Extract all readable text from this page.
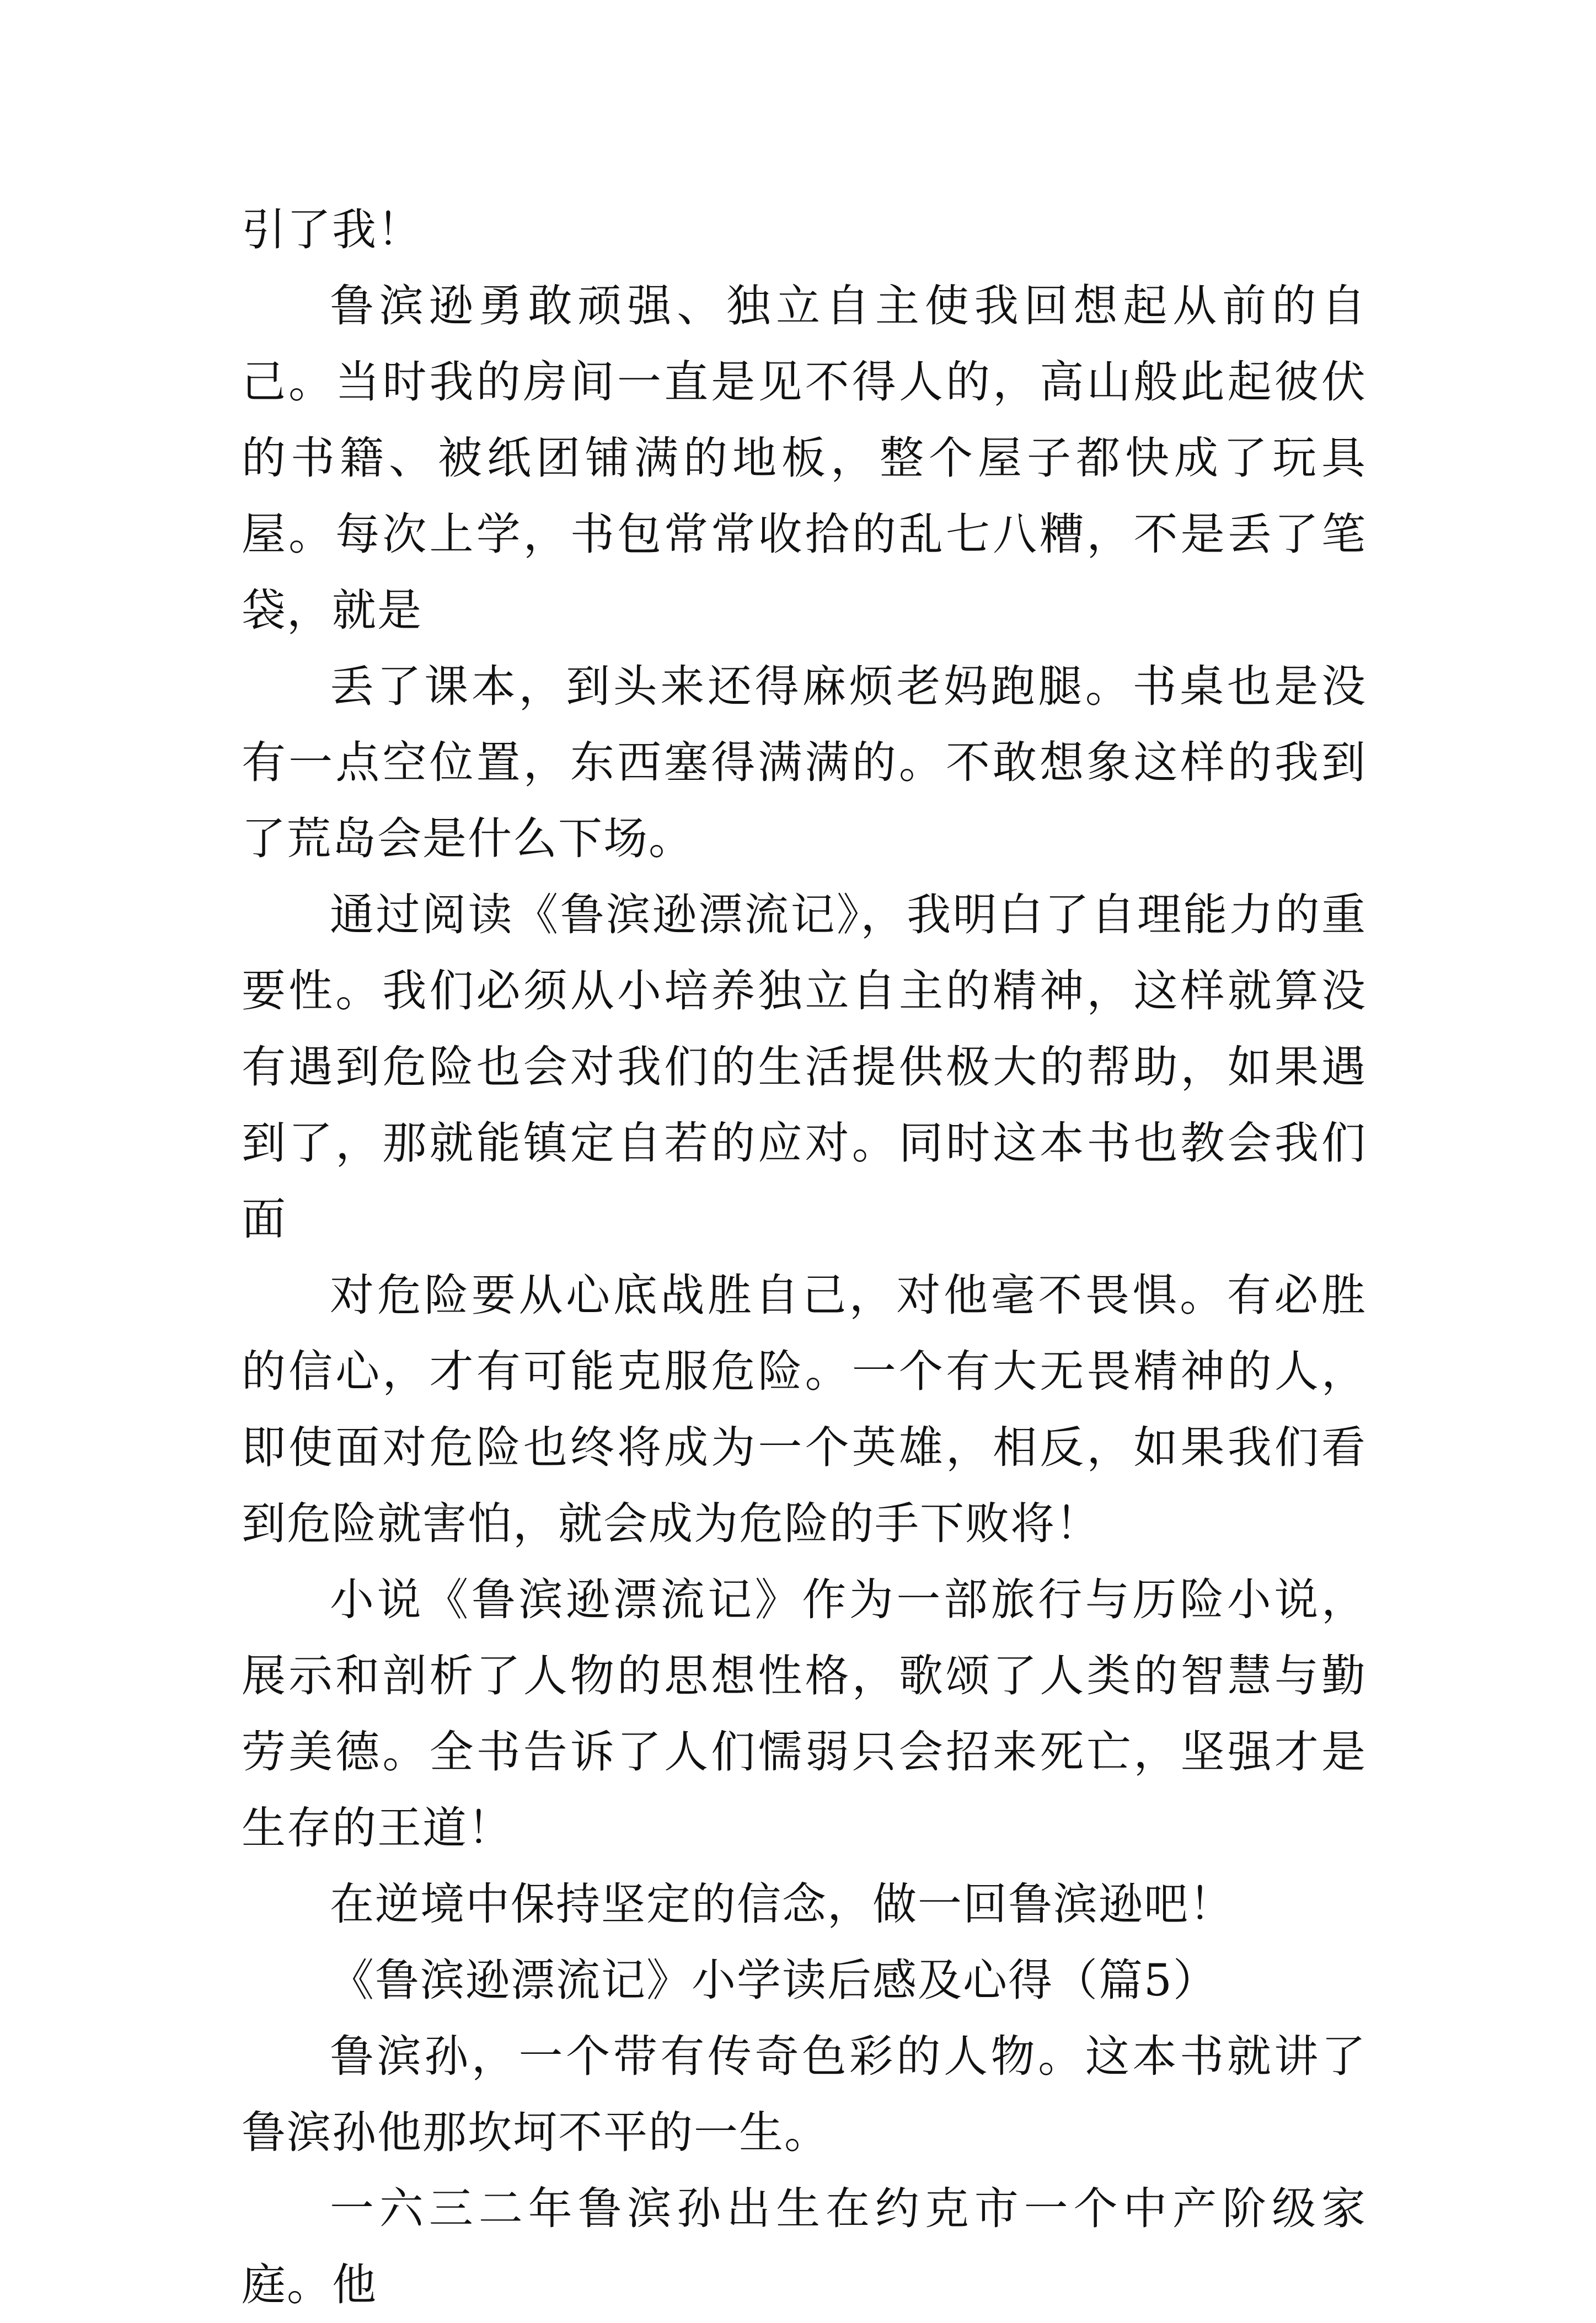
引了我！

鲁滨逊勇敢顽强、独立自主使我回想起从前的自己。当时我的房间一直是见不得人的，高山般此起彼伏的书籍、被纸团铺满的地板，整个屋子都快成了玩具屋。每次上学，书包常常收拾的乱七八糟，不是丢了笔袋，就是

丢了课本，到头来还得麻烦老妈跑腿。书桌也是没有一点空位置，东西塞得满满的。不敢想象这样的我到了荒岛会是什么下场。

通过阅读《鲁滨逊漂流记》，我明白了自理能力的重要性。我们必须从小培养独立自主的精神，这样就算没有遇到危险也会对我们的生活提供极大的帮助，如果遇到了，那就能镇定自若的应对。同时这本书也教会我们面

对危险要从心底战胜自己，对他毫不畏惧。有必胜的信心，才有可能克服危险。一个有大无畏精神的人，即使面对危险也终将成为一个英雄，相反，如果我们看到危险就害怕，就会成为危险的手下败将！

小说《鲁滨逊漂流记》作为一部旅行与历险小说，展示和剖析了人物的思想性格，歌颂了人类的智慧与勤劳美德。全书告诉了人们懦弱只会招来死亡，坚强才是生存的王道！

在逆境中保持坚定的信念，做一回鲁滨逊吧！

《鲁滨逊漂流记》小学读后感及心得（篇5）

鲁滨孙，一个带有传奇色彩的人物。这本书就讲了鲁滨孙他那坎坷不平的一生。

一六三二年鲁滨孙出生在约克市一个中产阶级家庭。他
